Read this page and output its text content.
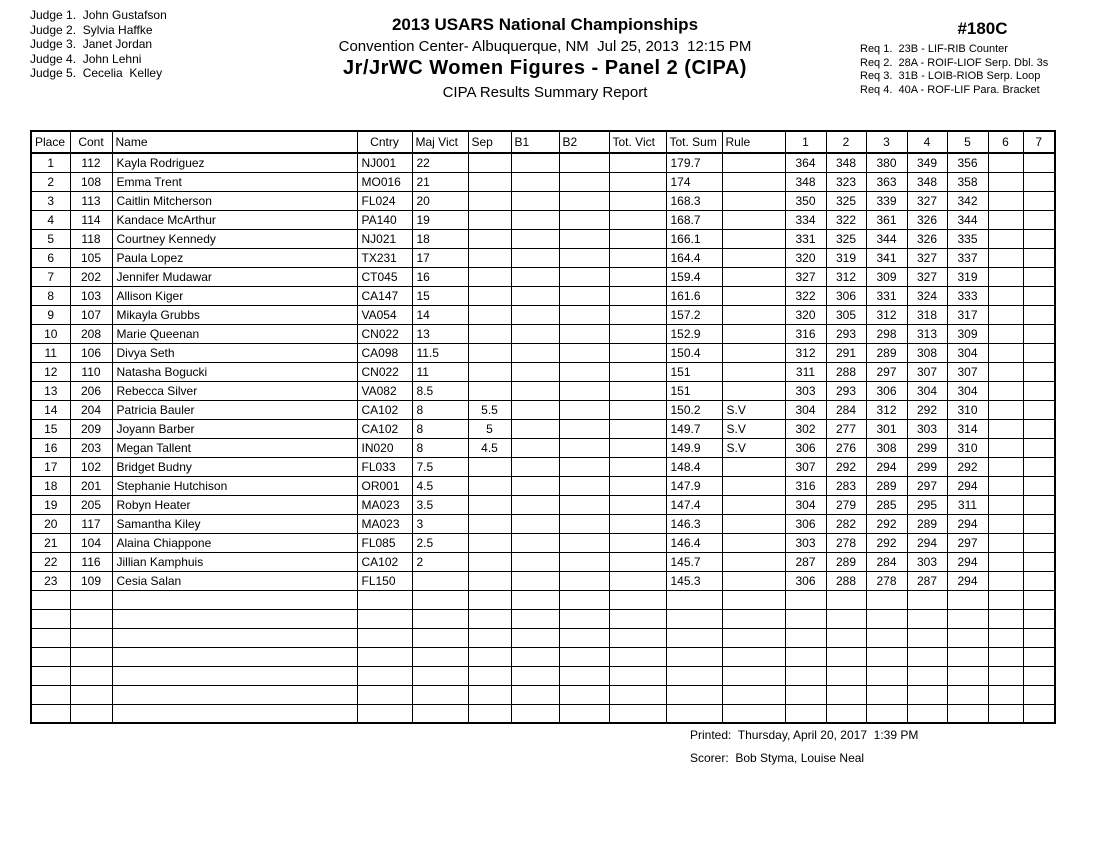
Judge 1.  John Gustafson
Judge 2.  Sylvia Haffke
Judge 3.  Janet Jordan
Judge 4.  John Lehni
Judge 5.  Cecelia  Kelley
2013 USARS National Championships
Convention Center- Albuquerque, NM  Jul 25, 2013  12:15 PM
Jr/JrWC Women Figures - Panel 2 (CIPA)
CIPA Results Summary Report
#180C
Req 1.  23B - LIF-RIB Counter
Req 2.  28A - ROIF-LIOF Serp. Dbl. 3s
Req 3.  31B - LOIB-RIOB Serp. Loop
Req 4.  40A - ROF-LIF Para. Bracket
Place	Cont	Name	Cntry	Maj Vict	Sep	B1	B2	Tot. Vict	Tot. Sum	Rule	1	2	3	4	5	6	7
1	112	Kayla Rodriguez	NJ001	22					179.7		364	348	380	349	356		
2	108	Emma Trent	MO016	21					174		348	323	363	348	358		
3	113	Caitlin Mitcherson	FL024	20					168.3		350	325	339	327	342		
4	114	Kandace McArthur	PA140	19					168.7		334	322	361	326	344		
5	118	Courtney Kennedy	NJ021	18					166.1		331	325	344	326	335		
6	105	Paula Lopez	TX231	17					164.4		320	319	341	327	337		
7	202	Jennifer Mudawar	CT045	16					159.4		327	312	309	327	319		
8	103	Allison Kiger	CA147	15					161.6		322	306	331	324	333		
9	107	Mikayla Grubbs	VA054	14					157.2		320	305	312	318	317		
10	208	Marie Queenan	CN022	13					152.9		316	293	298	313	309		
11	106	Divya Seth	CA098	11.5					150.4		312	291	289	308	304		
12	110	Natasha Bogucki	CN022	11					151		311	288	297	307	307		
13	206	Rebecca Silver	VA082	8.5					151		303	293	306	304	304		
14	204	Patricia Bauler	CA102	8	5.5				150.2	S.V	304	284	312	292	310		
15	209	Joyann Barber	CA102	8	5				149.7	S.V	302	277	301	303	314		
16	203	Megan Tallent	IN020	8	4.5				149.9	S.V	306	276	308	299	310		
17	102	Bridget Budny	FL033	7.5					148.4		307	292	294	299	292		
18	201	Stephanie Hutchison	OR001	4.5					147.9		316	283	289	297	294		
19	205	Robyn Heater	MA023	3.5					147.4		304	279	285	295	311		
20	117	Samantha Kiley	MA023	3					146.3		306	282	292	289	294		
21	104	Alaina Chiappone	FL085	2.5					146.4		303	278	292	294	297		
22	116	Jillian Kamphuis	CA102	2					145.7		287	289	284	303	294		
23	109	Cesia Salan	FL150						145.3		306	288	278	287	294		

Printed:  Thursday, April 20, 2017  1:39 PM
Scorer:  Bob Styma, Louise Neal
